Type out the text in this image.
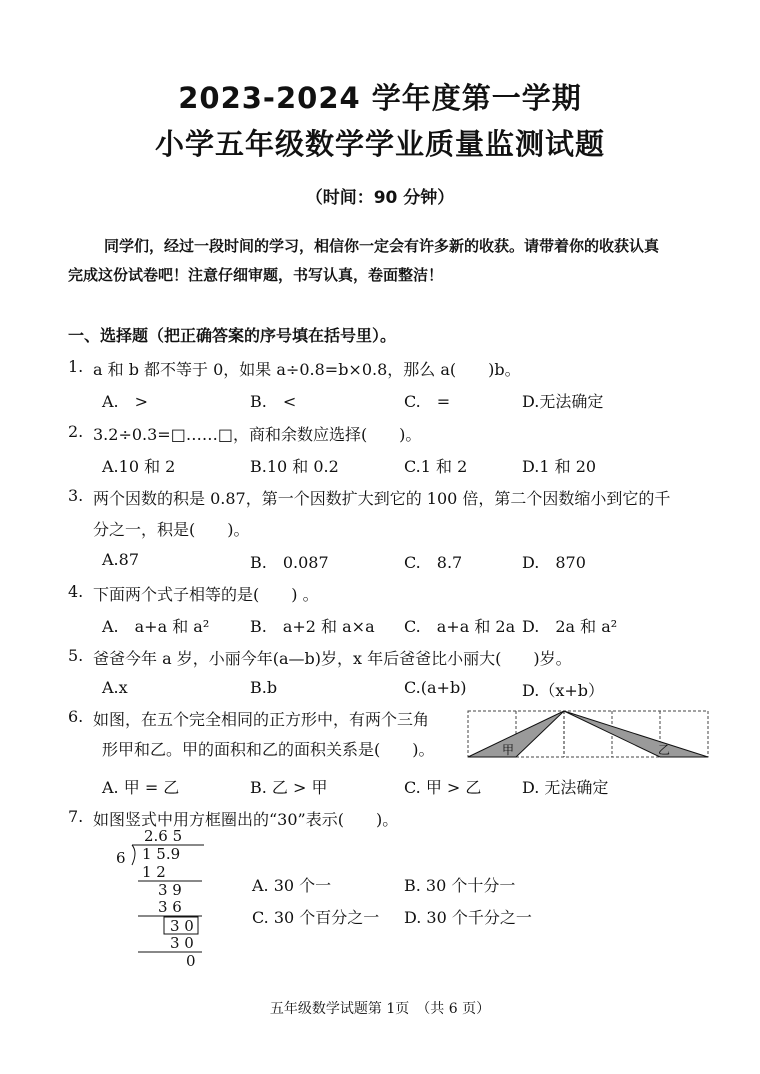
2023-2024 学年度第一学期
小学五年级数学学业质量监测试题
（时间：90 分钟）
同学们，经过一段时间的学习，相信你一定会有许多新的收获。请带着你的收获认真
完成这份试卷吧！注意仔细审题，书写认真，卷面整洁！
一、选择题（把正确答案的序号填在括号里）。
1. a 和 b 都不等于 0，如果 a÷0.8=b×0.8，那么 a(　　)b。
A.　>	B.　<	C.　=	D.无法确定
2. 3.2÷0.3=□……□，商和余数应选择(　　)。
A.10 和 2	B.10 和 0.2	C.1 和 2	D.1 和 20
3. 两个因数的积是 0.87，第一个因数扩大到它的 100 倍，第二个因数缩小到它的千
分之一，积是(　　)。
A.87	B.　0.087	C.　8.7	D.　870
4. 下面两个式子相等的是(　　) 。
A.　a+a 和 a²	B.　a+2 和 a×a C.　a+a 和 2a D.　2a 和 a²
5. 爸爸今年 a 岁，小丽今年(a—b)岁，x 年后爸爸比小丽大(　　)岁。
A.x	B.b	C.(a+b)	D.（x+b）
6. 如图，在五个完全相同的正方形中，有两个三角
形甲和乙。甲的面积和乙的面积关系是(　　)。	甲	乙
A. 甲 = 乙	B. 乙 > 甲	C. 甲 > 乙	D. 无法确定
7. 如图竖式中用方框圈出的“30”表示(　　)。
2.6 5
6 1 5.9
1 2
3 9
3 6
3 0
3 0
0
A. 30 个一	B. 30 个十分一
C. 30 个百分之一 D. 30 个千分之一
五年级数学试题第 1页　（共 6 页）
